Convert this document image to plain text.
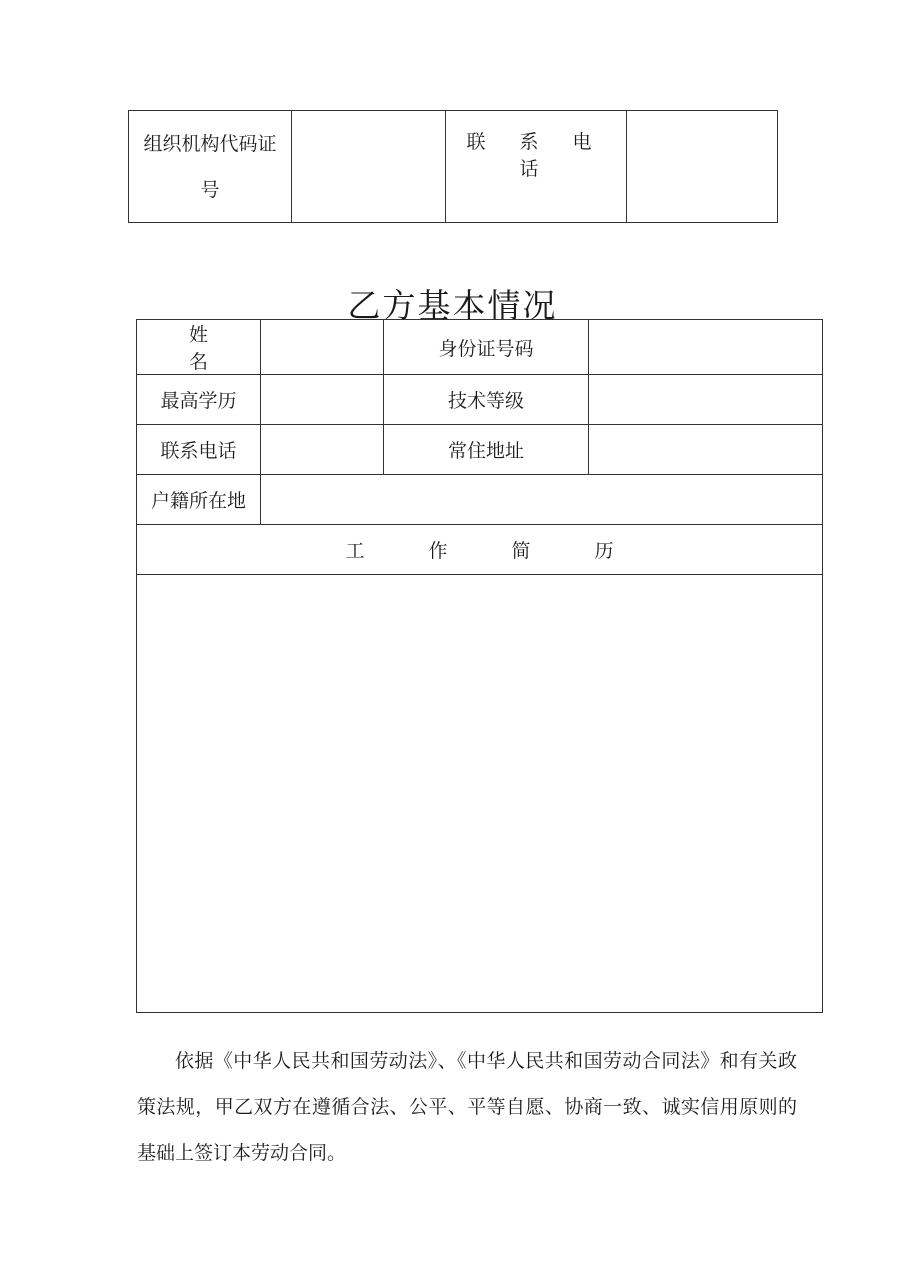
组织机构代码证号		联 系 电 话	
乙方基本情况
姓名		身份证号码	
最高学历		技术等级	
联系电话		常住地址	
户籍所在地			
工作简历			

依据《中华人民共和国劳动法》、《中华人民共和国劳动合同法》和有关政策法规，甲乙双方在遵循合法、公平、平等自愿、协商一致、诚实信用原则的基础上签订本劳动合同。
